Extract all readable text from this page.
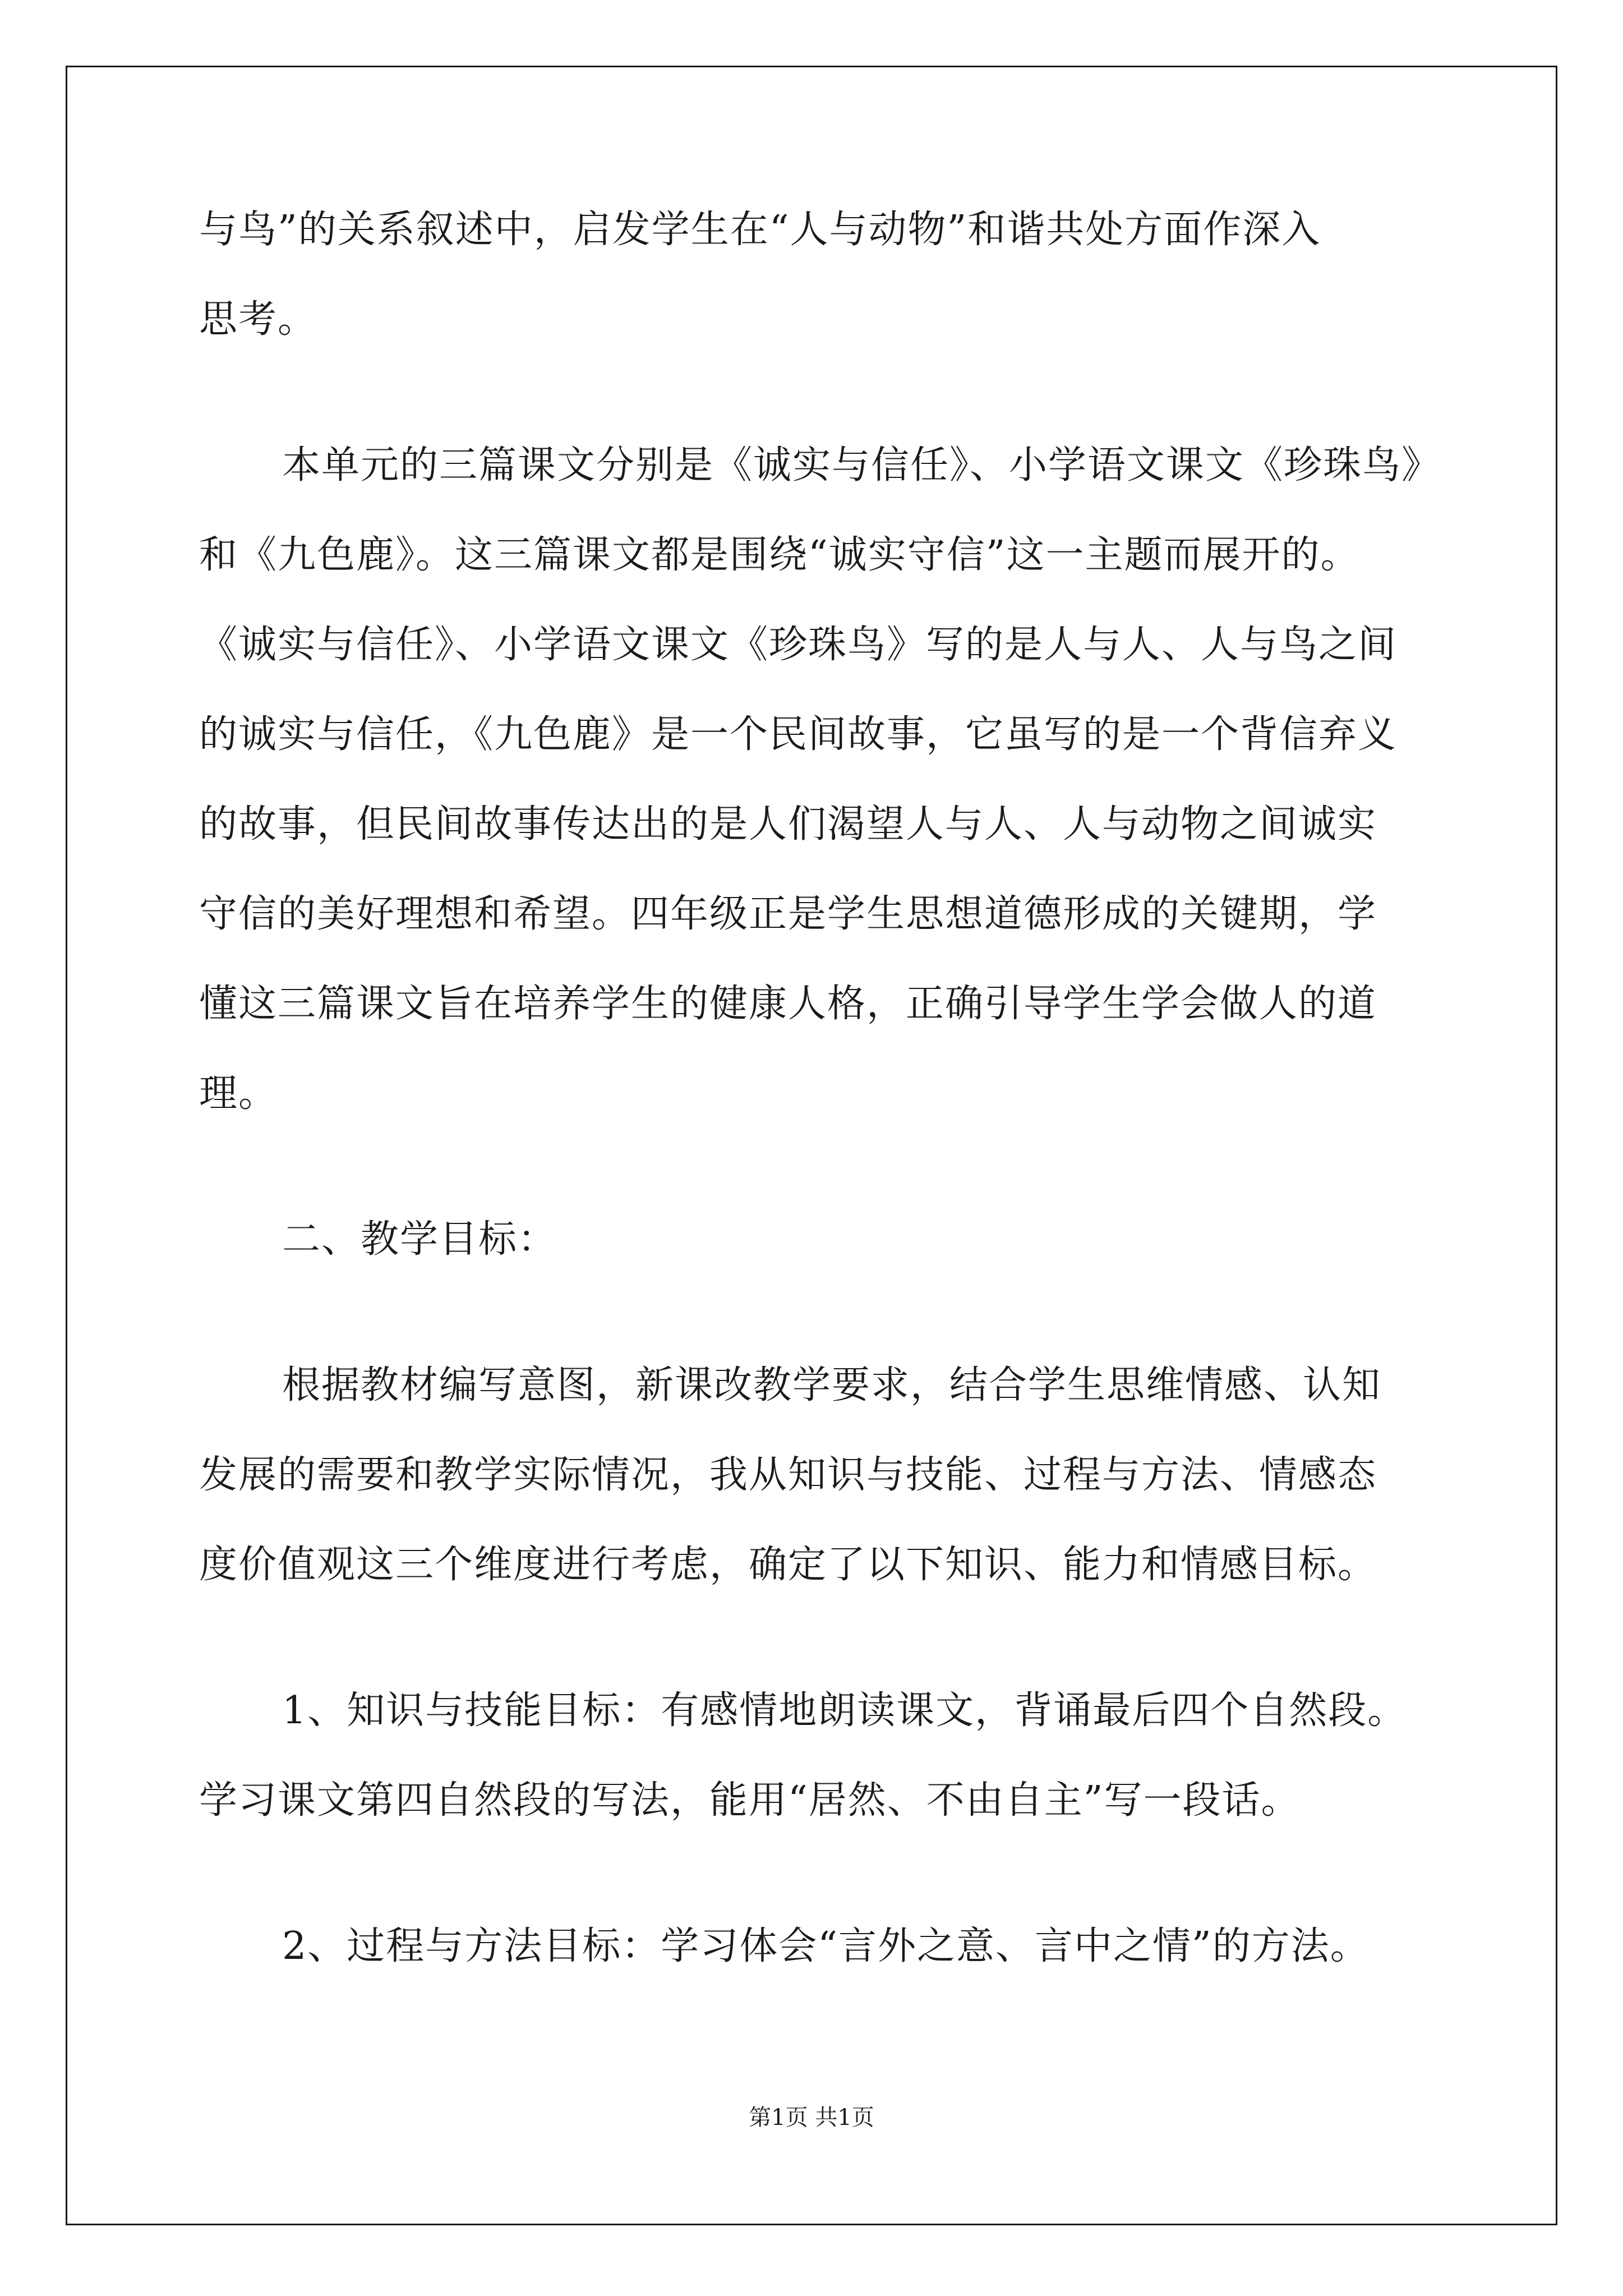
与鸟”的关系叙述中，启发学生在“人与动物”和谐共处方面作深入
思考。
本单元的三篇课文分别是《诚实与信任》、小学语文课文《珍珠鸟》
和《九色鹿》。这三篇课文都是围绕“诚实守信”这一主题而展开的。
《诚实与信任》、小学语文课文《珍珠鸟》写的是人与人、人与鸟之间
的诚实与信任，《九色鹿》是一个民间故事，它虽写的是一个背信弃义
的故事，但民间故事传达出的是人们渴望人与人、人与动物之间诚实
守信的美好理想和希望。四年级正是学生思想道德形成的关键期，学
懂这三篇课文旨在培养学生的健康人格，正确引导学生学会做人的道
理。
二、教学目标：
根据教材编写意图，新课改教学要求，结合学生思维情感、认知
发展的需要和教学实际情况，我从知识与技能、过程与方法、情感态
度价值观这三个维度进行考虑，确定了以下知识、能力和情感目标。
1、知识与技能目标：有感情地朗读课文，背诵最后四个自然段。
学习课文第四自然段的写法，能用“居然、不由自主”写一段话。
2、过程与方法目标：学习体会“言外之意、言中之情”的方法。
第1页 共1页
